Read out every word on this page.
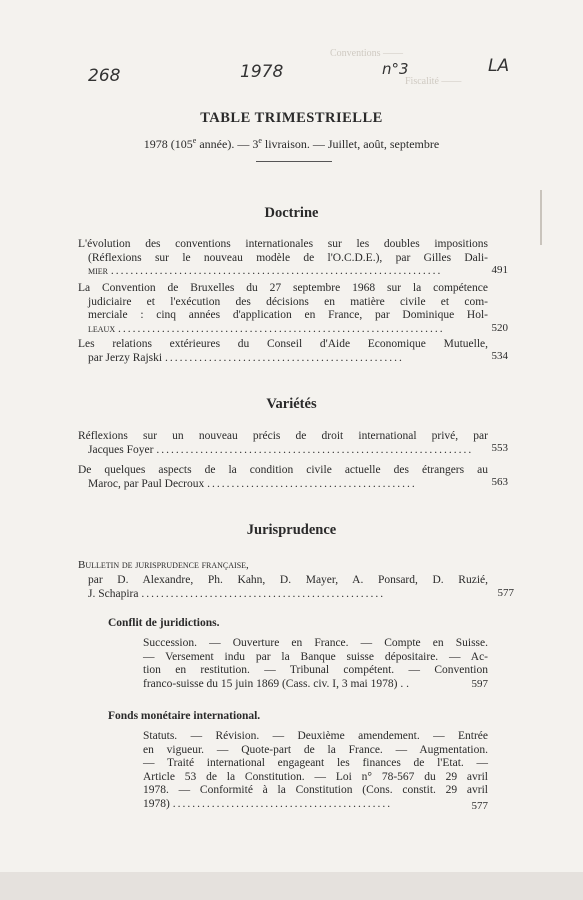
Conventions ——
Fiscalité ——
268	1978	n°3	LA
TABLE TRIMESTRIELLE
1978 (105e année). — 3e livraison. — Juillet, août, septembre
Doctrine
L'évolution des conventions internationales sur les doubles impositions
(Réflexions sur le nouveau modèle de l'O.C.D.E.), par Gilles Dali-
mier ....................................................................	491
La Convention de Bruxelles du 27 septembre 1968 sur la compétence
judiciaire et l'exécution des décisions en matière civile et com-
merciale : cinq années d'application en France, par Dominique Hol-
leaux ...................................................................	520
Les relations extérieures du Conseil d'Aide Economique Mutuelle,
par Jerzy Rajski .................................................	534
Variétés
Réflexions sur un nouveau précis de droit international privé, par
Jacques Foyer .................................................................	553
De quelques aspects de la condition civile actuelle des étrangers au
Maroc, par Paul Decroux ...........................................	563
Jurisprudence
Bulletin de jurisprudence française,
par D. Alexandre, Ph. Kahn, D. Mayer, A. Ponsard, D. Ruzié,
J. Schapira ..................................................	577
Conflit de juridictions.
Succession. — Ouverture en France. — Compte en Suisse.
— Versement indu par la Banque suisse dépositaire. — Ac-
tion en restitution. — Tribunal compétent. — Convention
franco-suisse du 15 juin 1869 (Cass. civ. I, 3 mai 1978) . .	597
Fonds monétaire international.
Statuts. — Révision. — Deuxième amendement. — Entrée
en vigueur. — Quote-part de la France. — Augmentation.
— Traité international engageant les finances de l'Etat. —
Article 53 de la Constitution. — Loi n° 78-567 du 29 avril
1978. — Conformité à la Constitution (Cons. constit. 29 avril
1978) .............................................	577
